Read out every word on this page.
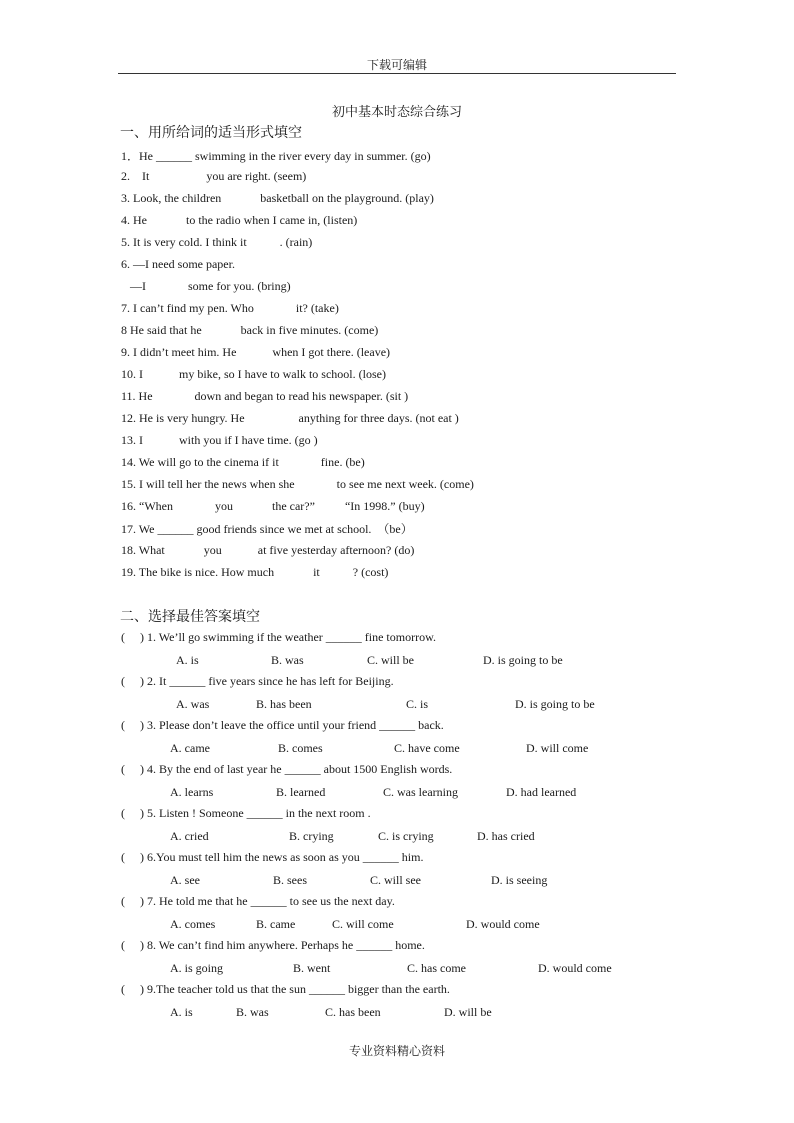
下载可编辑
初中基本时态综合练习
一、用所给词的适当形式填空
1．He ______ swimming in the river every day in summer. (go)
2.    It                   you are right. (seem)
3. Look, the children             basketball on the playground. (play)
4. He             to the radio when I came in, (listen)
5. It is very cold. I think it           . (rain)
6. —I need some paper.
—I              some for you. (bring)
7. I can’t find my pen. Who              it? (take)
8 He said that he             back in five minutes. (come)
9. I didn’t meet him. He            when I got there. (leave)
10. I            my bike, so I have to walk to school. (lose)
11. He              down and began to read his newspaper. (sit )
12. He is very hungry. He                  anything for three days. (not eat )
13. I            with you if I have time. (go )
14. We will go to the cinema if it              fine. (be)
15. I will tell her the news when she              to see me next week. (come)
16. “When              you             the car?”          “In 1998.” (buy)
17. We ______ good friends since we met at school.  （be）
18. What             you            at five yesterday afternoon? (do)
19. The bike is nice. How much             it           ? (cost)
二、选择最佳答案填空
(     ) 1. We’ll go swimming if the weather ______ fine tomorrow.
A. is	B. was	C. will be	D. is going to be
(     ) 2. It ______ five years since he has left for Beijing.
A. was	B. has been	C. is	D. is going to be
(     ) 3. Please don’t leave the office until your friend ______ back.
A. came	B. comes	C. have come	D. will come
(     ) 4. By the end of last year he ______ about 1500 English words.
A. learns	B. learned	C. was learning	D. had learned
(     ) 5. Listen ! Someone ______ in the next room .
A. cried	B. crying	C. is crying	D. has cried
(     ) 6.You must tell him the news as soon as you ______ him.
A. see	B. sees	C. will see	D. is seeing
(     ) 7. He told me that he ______ to see us the next day.
A. comes	B. came	C. will come	D. would come
(     ) 8. We can’t find him anywhere. Perhaps he ______ home.
A. is going	B. went	C. has come	D. would come
(     ) 9.The teacher told us that the sun ______ bigger than the earth.
A. is	B. was	C. has been	D. will be
专业资料精心资料
